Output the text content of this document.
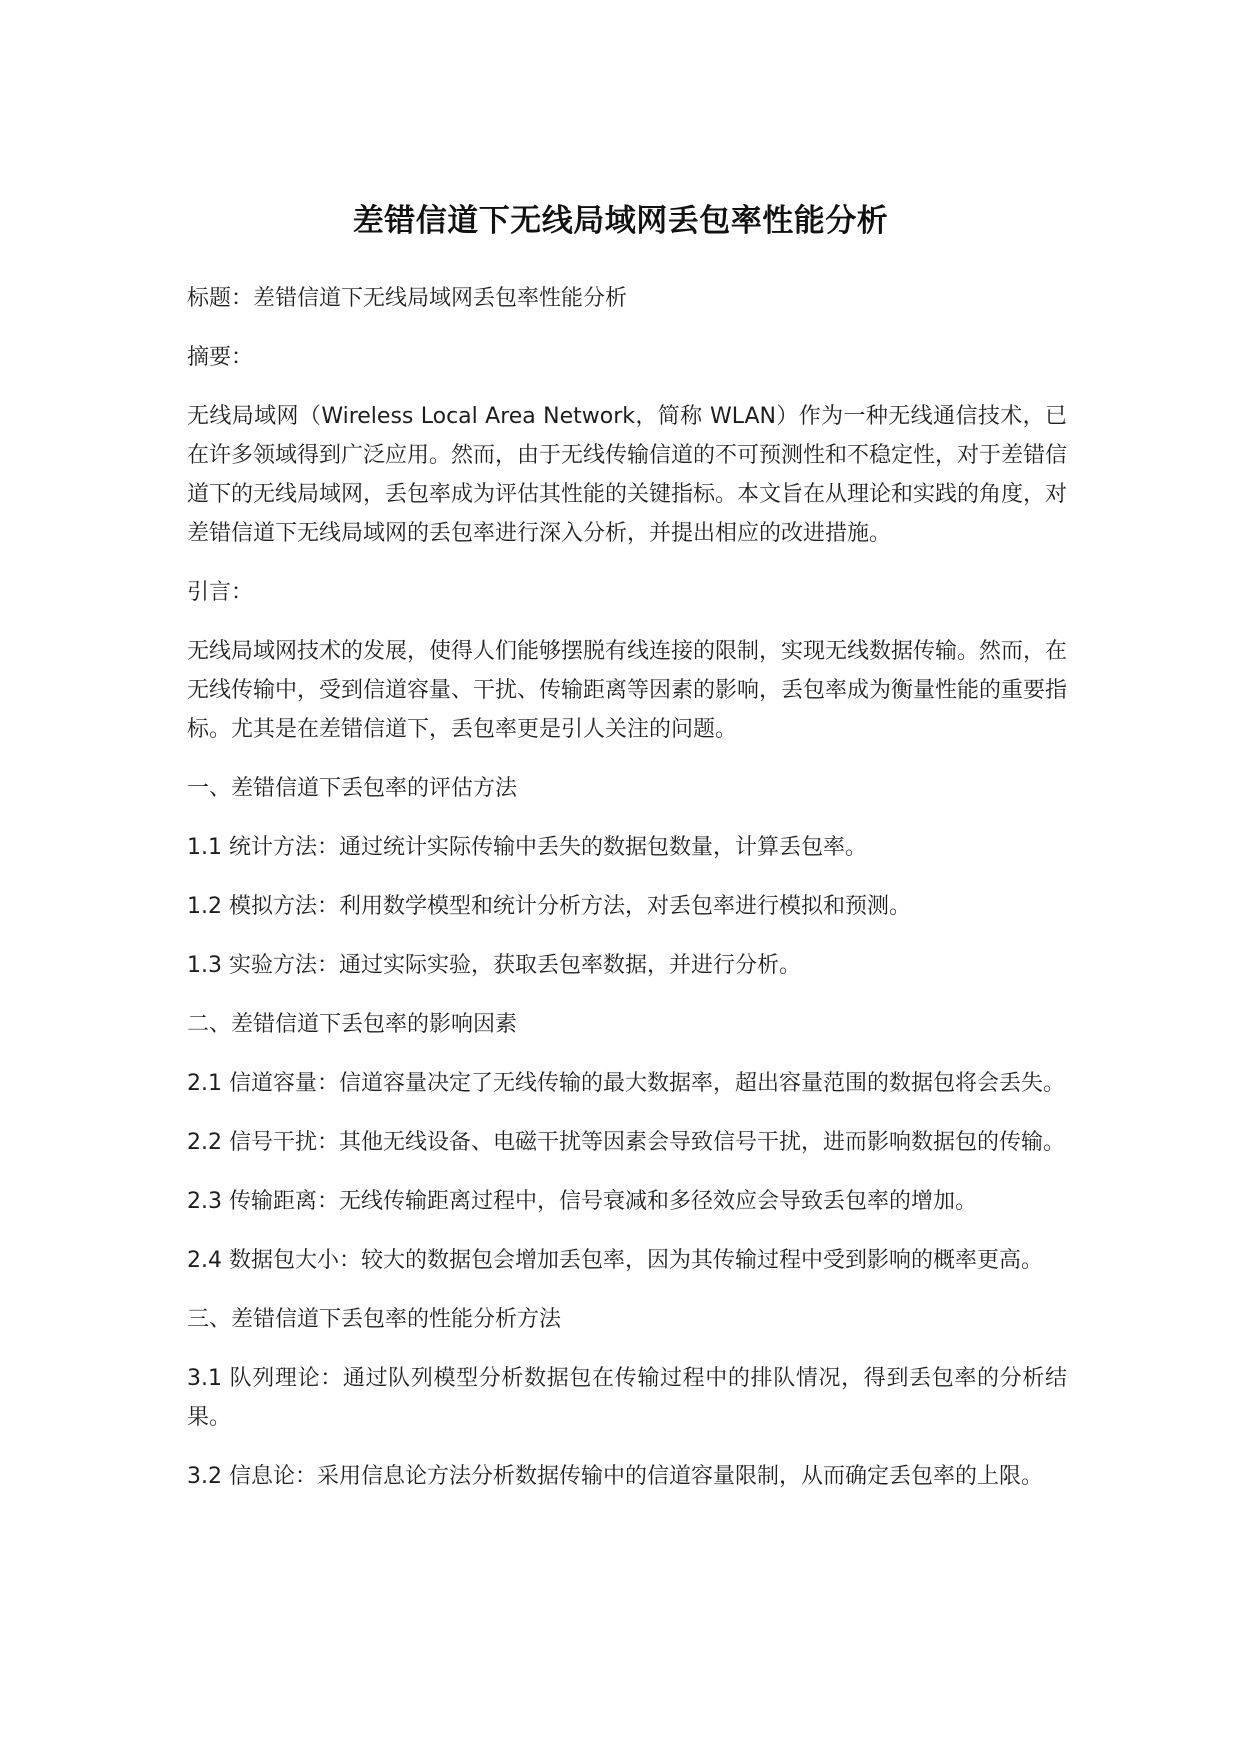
差错信道下无线局域网丢包率性能分析

标题：差错信道下无线局域网丢包率性能分析

摘要：

无线局域网（Wireless Local Area Network，简称 WLAN）作为一种无线通信技术，已在许多领域得到广泛应用。然而，由于无线传输信道的不可预测性和不稳定性，对于差错信道下的无线局域网，丢包率成为评估其性能的关键指标。本文旨在从理论和实践的角度，对差错信道下无线局域网的丢包率进行深入分析，并提出相应的改进措施。

引言：

无线局域网技术的发展，使得人们能够摆脱有线连接的限制，实现无线数据传输。然而，在无线传输中，受到信道容量、干扰、传输距离等因素的影响，丢包率成为衡量性能的重要指标。尤其是在差错信道下，丢包率更是引人关注的问题。

一、差错信道下丢包率的评估方法

1.1 统计方法：通过统计实际传输中丢失的数据包数量，计算丢包率。

1.2 模拟方法：利用数学模型和统计分析方法，对丢包率进行模拟和预测。

1.3 实验方法：通过实际实验，获取丢包率数据，并进行分析。

二、差错信道下丢包率的影响因素

2.1 信道容量：信道容量决定了无线传输的最大数据率，超出容量范围的数据包将会丢失。

2.2 信号干扰：其他无线设备、电磁干扰等因素会导致信号干扰，进而影响数据包的传输。

2.3 传输距离：无线传输距离过程中，信号衰减和多径效应会导致丢包率的增加。

2.4 数据包大小：较大的数据包会增加丢包率，因为其传输过程中受到影响的概率更高。

三、差错信道下丢包率的性能分析方法

3.1 队列理论：通过队列模型分析数据包在传输过程中的排队情况，得到丢包率的分析结果。

3.2 信息论：采用信息论方法分析数据传输中的信道容量限制，从而确定丢包率的上限。
